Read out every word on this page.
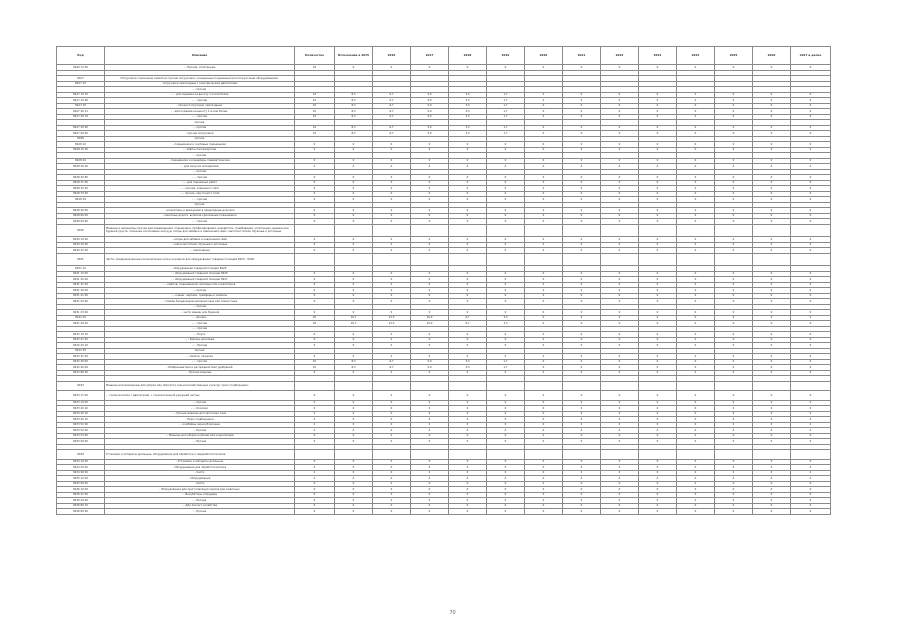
Код	Описание	Количество	Исполнение в 2015	2016	2017	2018	2019	2020	2021	2022	2023	2024	2025	2026	2027 и далее
0420 72 00	- - Прочие, сплетенные	25	0	0	0	0	0	0	0	0	0	0	0	0	0

8427	Погрузчики с вилочным захватом; прочие погрузчики, оснащенные подъемным или погрузочным оборудованием:														
8427 10	- погрузчики самоходные с электрическим двигателем:														
	- - прочие														
8427 10 10	- - - для подъема на высоту 1 м или более	10	8,3	6,7	5,0	3,3	1,7	0	0	0	0	0	0	0	0
8427 10 90	- - - прочие	10	8,3	6,7	5,0	3,3	1,7	0	0	0	0	0	0	0	0
8427 20	- прочие погрузчики самоходные:	10	8,3	6,7	5,0	3,3	1,7	0	0	0	0	0	0	0	0
8427 20 11	- - для подъема на высоту 1 м или более:	10	8,3	6,7	5,0	3,3	1,7	0	0	0	0	0	0	0	0
8427 20 19	- - - прочие	10	8,3	6,7	5,0	3,3	1,7	0	0	0	0	0	0	0	0
	прочие														
8427 20 90	- - прочие	10	8,3	6,7	5,0	3,3	1,7	0	0	0	0	0	0	0	0
8427 90 00	- прочие погрузчики	10	8,3	6,7	5,0	3,3	1,7	0	0	0	0	0	0	0	0
8428	прочие														
8428 10	- подъемники и скиповые подъемники	0	0	0	0	0	0	0	0	0	0	0	0	0	0
8428 10 20	- - лифты пассажирские	0	0	0	0	0	0	0	0	0	0	0	0	0	0
	- - прочие														
8428 20	- подъемники и конвейеры пневматические	0	0	0	0	0	0	0	0	0	0	0	0	0	0
8428 20 20	- - для сыпучих материалов	0	0	0	0	0	0	0	0	0	0	0	0	0	0
	- - прочие														
8428 20 80	- - - прочие	0	0	0	0	0	0	0	0	0	0	0	0	0	0
8428 31 00	- - - для подземных работ	0	0	0	0	0	0	0	0	0	0	0	0	0	0
8428 32 00	- - - прочие, ковшового типа	0	0	0	0	0	0	0	0	0	0	0	0	0	0
8428 33 00	- - - прочие, ленточного типа	0	0	0	0	0	0	0	0	0	0	0	0	0	0
8428 39	- - - прочие	0	0	0	0	0	0	0	0	0	0	0	0	0	0
	прочие														
8428 40 00	- эскалаторы и движущиеся пешеходные дорожки	0	0	0	0	0	0	0	0	0	0	0	0	0	0
8428 60 00	- канатные дороги, включая кресельные подъемники	0	0	0	0	0	0	0	0	0	0	0	0	0	0
8428 90 90	- - - прочие	0	0	0	0	0	0	0	0	0	0	0	0	0	0
8430	Машины и механизмы прочие для перемещения, планировки, профилирования, разработки, трамбования, уплотнения, выемки или бурения грунта, полезных ископаемых или руд; копры для забивки и извлечения свай; снегоочистители плужные и роторные:														
8430 10 00	- копры для забивки и извлечения свай	0	0	0	0	0	0	0	0	0	0	0	0	0	0
8430 20 00	- снегоочистители плужные и роторные	0	0	0	0	0	0	0	0	0	0	0	0	0	0
8430 31 00	- - самоходные	0	0	0	0	0	0	0	0	0	0	0	0	0	0
8431	Части, предназначенные исключительно или в основном для оборудования товарных позиций 8425 – 8430:														
8431 10	- оборудования товарной позиции 8425:														
8431 10 00	- - оборудования товарной позиции 8425	0	0	0	0	0	0	0	0	0	0	0	0	0	0
8431 20 00	- - оборудования товарной позиции 8427	0	0	0	0	0	0	0	0	0	0	0	0	0	0
8431 31 00	- - лифтов, подъемников скиповых или эскалаторов	0	0	0	0	0	0	0	0	0	0	0	0	0	0
8431 39 00	- - прочие	0	0	0	0	0	0	0	0	0	0	0	0	0	0
8431 41 00	- - ковши, черпаки, грейферы и захваты	0	0	0	0	0	0	0	0	0	0	0	0	0	0
8431 42 00	- - отвалы бульдозеров неповоротные или поворотные	0	0	0	0	0	0	0	0	0	0	0	0	0	0
	- - прочие														
8431 43 00	- - части машин для бурения	0	0	0	0	0	0	0	0	0	0	0	0	0	0
8431 49	- - прочие:	20	16,7	13,3	10,0	6,7	3,3	0	0	0	0	0	0	0	0
8431 49 20	- - - прочие	20	16,7	13,3	10,0	6,7	3,3	0	0	0	0	0	0	0	0
	- - - прочие														
8432 10 10	- - Плуги	0	0	0	0	0	0	0	0	0	0	0	0	0	0
8432 21 00	- - - Бороны дисковые	0	0	0	0	0	0	0	0	0	0	0	0	0	0
8432 29 10	- - - Прочие	0	0	0	0	0	0	0	0	0	0	0	0	0	0
8432 30	прочие														
8432 31 00	- - Сеялки, сажалки	0	0	0	0	0	0	0	0	0	0	0	0	0	0
8432 39 00	- - - прочие	10	8,3	6,7	5,0	3,3	1,7	0	0	0	0	0	0	0	0
8432 40 00	- Разбрасыватели и распределители удобрений	10	8,3	6,7	5,0	3,3	1,7	0	0	0	0	0	0	0	0
8432 80 00	- Прочие машины	0	0	0	0	0	0	0	0	0	0	0	0	0	0

8433	Машины или механизмы для уборки или обмолота сельскохозяйственных культур; пресс-подборщики:														
8433 11 00	- - газонокосилки с двигателем, с горизонтальной режущей частью	0	0	0	0	0	0	0	0	0	0	0	0	0	0
8433 19 00	- - прочие	0	0	0	0	0	0	0	0	0	0	0	0	0	0
8433 20 10	- - - Косилки	0	0	0	0	0	0	0	0	0	0	0	0	0	0
8433 30 10	- - Прочие машины для заготовки сена	0	0	0	0	0	0	0	0	0	0	0	0	0	0
8433 40 10	- Пресс-подборщики	0	0	0	0	0	0	0	0	0	0	0	0	0	0
8433 51 00	- - комбайны зерноуборочные	0	0	0	0	0	0	0	0	0	0	0	0	0	0
8433 52 00	- - Прочие	0	0	0	0	0	0	0	0	0	0	0	0	0	0
8433 53 00	- - Машины для уборки клубней или корнеплодов	0	0	0	0	0	0	0	0	0	0	0	0	0	0
8433 59 00	- - Прочие	0	0	0	0	0	0	0	0	0	0	0	0	0	0

8434	Установки и аппараты доильные, оборудование для обработки и переработки молока:														
8434 10 00	- Установки и аппараты доильные	0	0	0	0	0	0	0	0	0	0	0	0	0	0
8434 20 00	- Оборудование для обработки молока	0	0	0	0	0	0	0	0	0	0	0	0	0	0
8434 90 00	- Части	0	0	0	0	0	0	0	0	0	0	0	0	0	0
8435 10 00	- Оборудование	0	0	0	0	0	0	0	0	0	0	0	0	0	0
8435 90 00	- Части	0	0	0	0	0	0	0	0	0	0	0	0	0	0
8436 10 00	- Оборудование для приготовления кормов для животных	0	0	0	0	0	0	0	0	0	0	0	0	0	0
8436 21 00	- - Инкубаторы и брудеры	0	0	0	0	0	0	0	0	0	0	0	0	0	0
8436 29 00	- - Прочее	0	0	0	0	0	0	0	0	0	0	0	0	0	0
8436 80 10	- - Для лесного хозяйства	0	0	0	0	0	0	0	0	0	0	0	0	0	0
8436 80 90	- - Прочее	0	0	0	0	0	0	0	0	0	0	0	0	0	0
70
